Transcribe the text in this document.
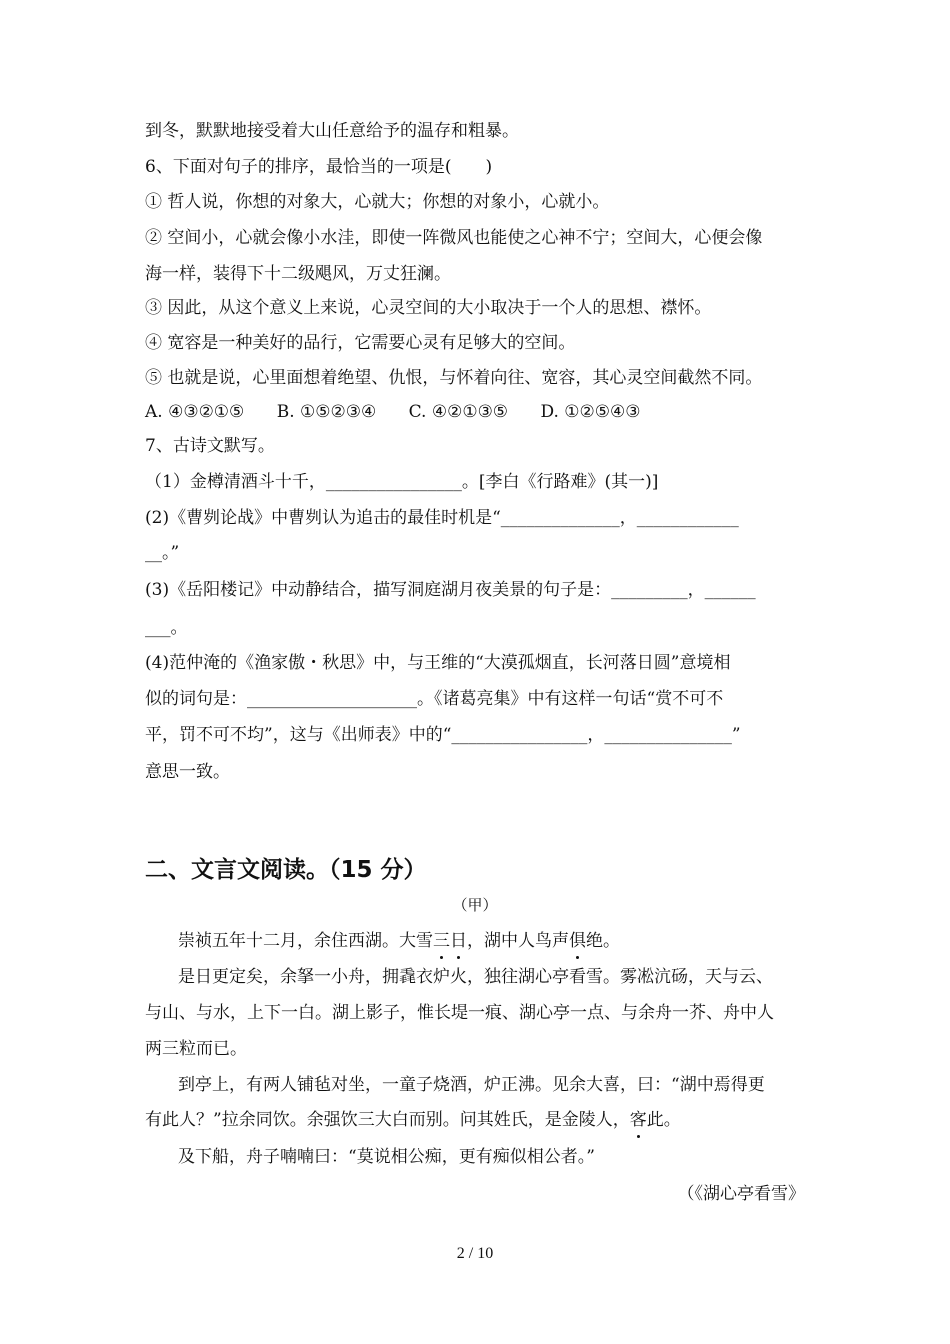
到冬，默默地接受着大山任意给予的温存和粗暴。
6、下面对句子的排序，最恰当的一项是(　　)
① 哲人说，你想的对象大，心就大；你想的对象小，心就小。
② 空间小，心就会像小水洼，即使一阵微风也能使之心神不宁；空间大，心便会像
海一样，装得下十二级飓风，万丈狂澜。
③ 因此，从这个意义上来说，心灵空间的大小取决于一个人的思想、襟怀。
④ 宽容是一种美好的品行，它需要心灵有足够大的空间。
⑤ 也就是说，心里面想着绝望、仇恨，与怀着向往、宽容，其心灵空间截然不同。
A. ④③②①⑤      B. ①⑤②③④      C. ④②①③⑤      D. ①②⑤④③
7、古诗文默写。
（1）金樽清酒斗十千，________________。[李白《行路难》(其一)]
(2)《曹刿论战》中曹刿认为追击的最佳时机是“______________，____________
__。”
(3)《岳阳楼记》中动静结合，描写洞庭湖月夜美景的句子是：_________，______
___。
(4)范仲淹的《渔家傲・秋思》中，与王维的“大漠孤烟直，长河落日圆”意境相
似的词句是：____________________。《诸葛亮集》中有这样一句话“赏不可不
平，罚不可不均”，这与《出师表》中的“________________，_______________”
意思一致。
二、文言文阅读。（15 分）
（甲）
崇祯五年十二月，余住西湖。大雪三
日
，湖中人鸟声俱
绝。
是日更定矣，余拏一小舟，拥毳衣炉火，独往湖心亭看雪。雾凇沆砀，天与云、
与山、与水，上下一白。湖上影子，惟长堤一痕、湖心亭一点、与余舟一芥、舟中人
两三粒而已。
到亭上，有两人铺毡对坐，一童子烧酒，炉正沸。见余大喜，曰：“湖中焉得更
有此人？”拉余同饮。余强饮三大白而别。问其姓氏，是金陵人，客
此。
及下船，舟子喃喃曰：“莫说相公痴，更有痴似相公者。”
（《湖心亭看雪》
2 / 10
